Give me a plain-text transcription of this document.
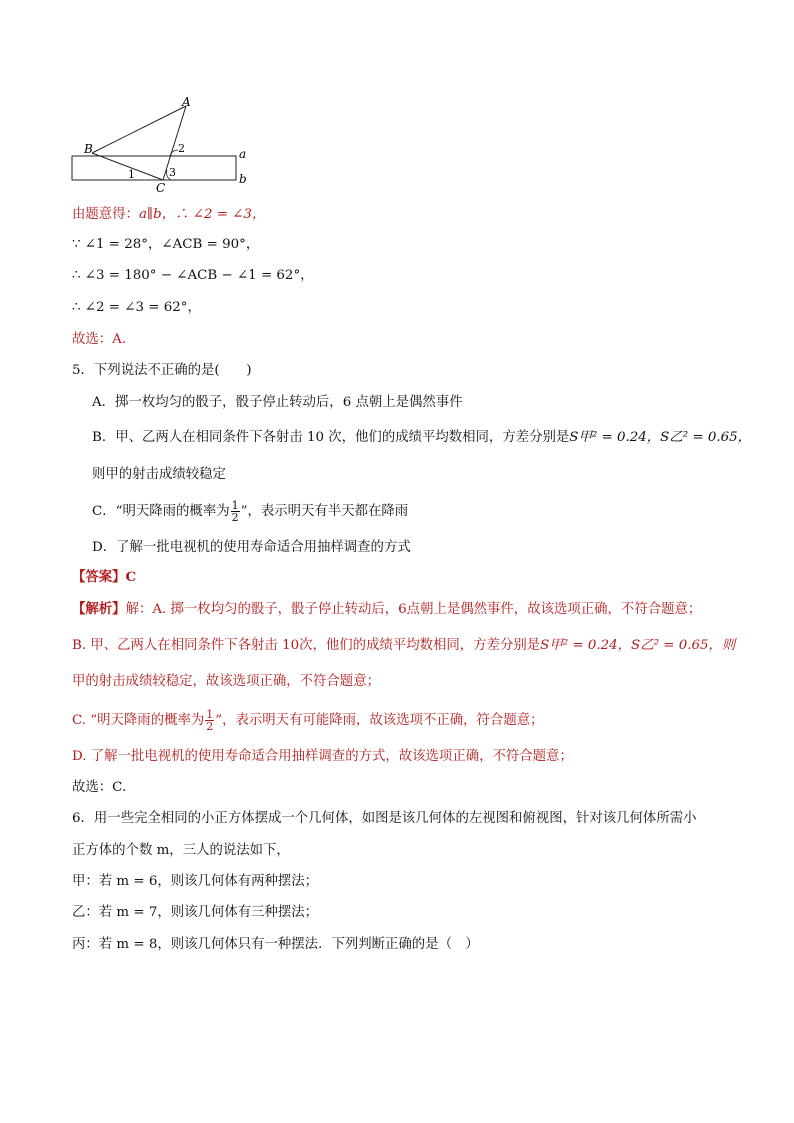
A
B
C
a
b
1
2
3
由题意得：a∥b，∴ ∠2 = ∠3，
∵ ∠1 = 28°，∠ACB = 90°，
∴ ∠3 = 180° − ∠ACB − ∠1 = 62°，
∴ ∠2 = ∠3 = 62°，
故选：A.
5．下列说法不正确的是(　　)
A．掷一枚均匀的骰子，骰子停止转动后，6 点朝上是偶然事件
B．甲、乙两人在相同条件下各射击 10 次，他们的成绩平均数相同，方差分别是S甲² = 0.24，S乙² = 0.65，
则甲的射击成绩较稳定
C．“明天降雨的概率为 $\frac{1}{2}$ ”，表示明天有半天都在降雨
D．了解一批电视机的使用寿命适合用抽样调查的方式
【答案】C
【解析】解：A. 掷一枚均匀的骰子，骰子停止转动后，6点朝上是偶然事件，故该选项正确，不符合题意；
B. 甲、乙两人在相同条件下各射击 10次，他们的成绩平均数相同，方差分别是S甲² = 0.24，S乙² = 0.65，则
甲的射击成绩较稳定，故该选项正确，不符合题意；
C. “明天降雨的概率为 $\frac{1}{2}$ ”，表示明天有可能降雨，故该选项不正确，符合题意；
D. 了解一批电视机的使用寿命适合用抽样调查的方式，故该选项正确，不符合题意；
故选：C.
6．用一些完全相同的小正方体摆成一个几何体，如图是该几何体的左视图和俯视图，针对该几何体所需小
正方体的个数 m，三人的说法如下，
甲：若 m = 6，则该几何体有两种摆法；
乙：若 m = 7，则该几何体有三种摆法；
丙：若 m = 8，则该几何体只有一种摆法．下列判断正确的是（　）
